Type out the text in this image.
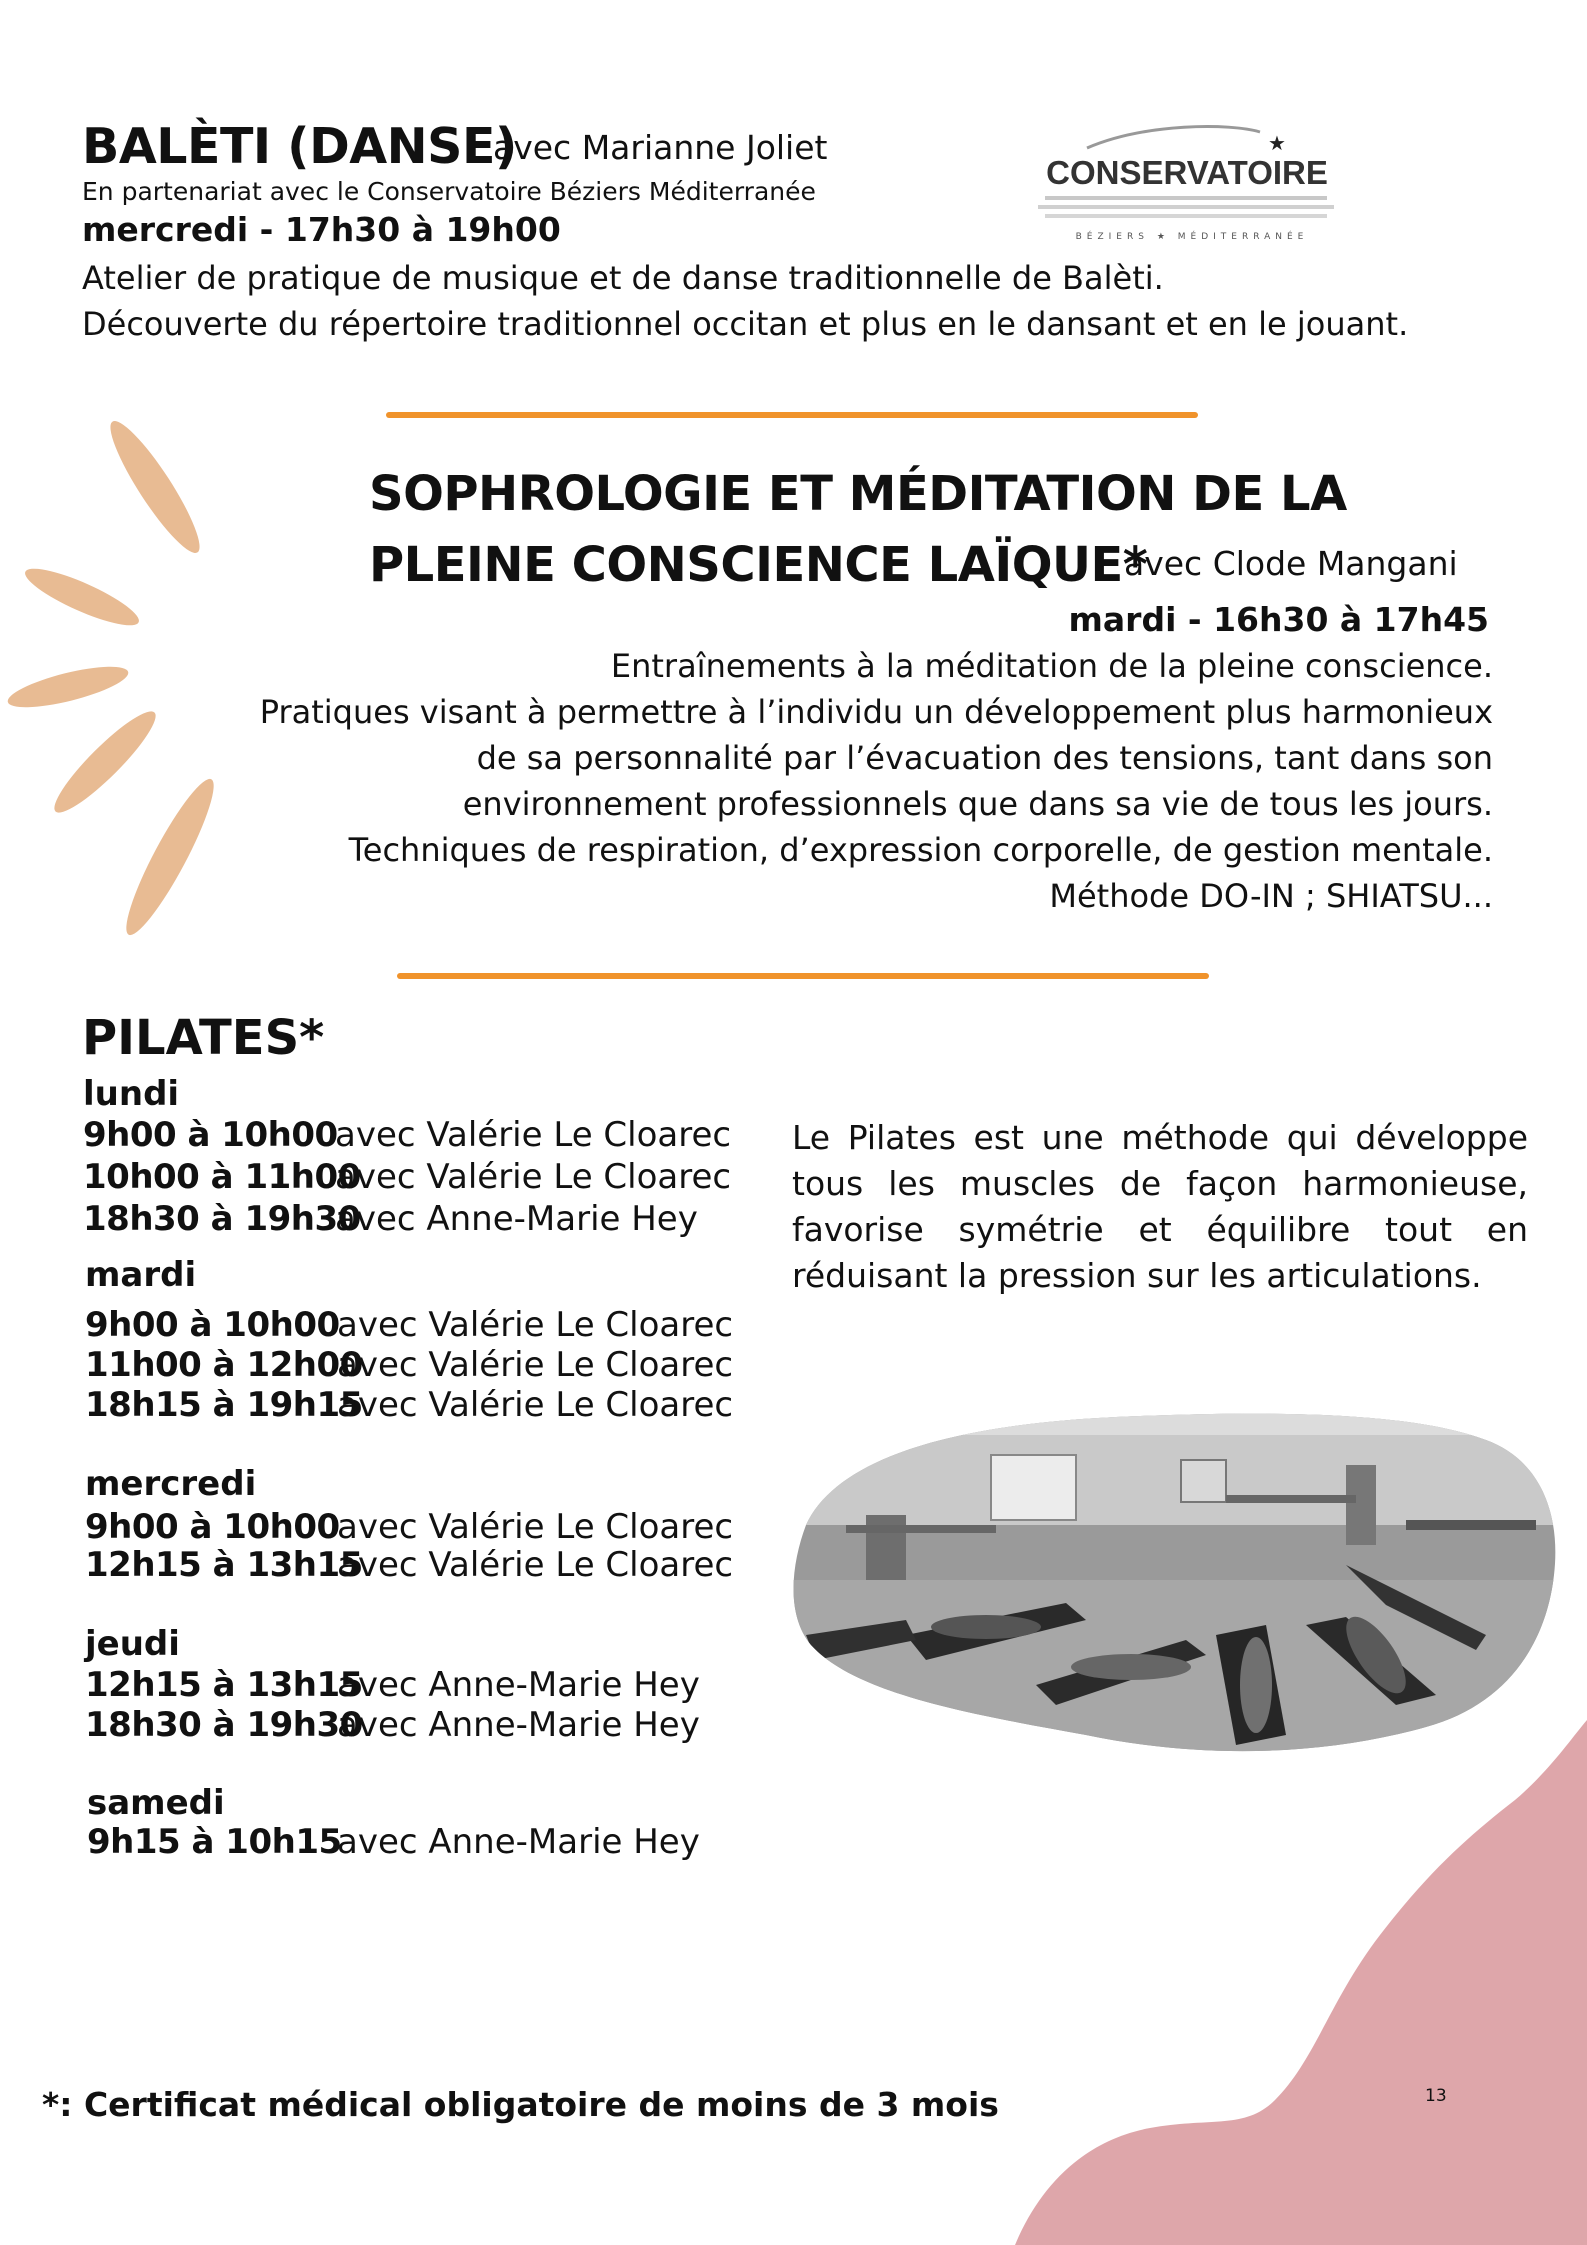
BALÈTI (DANSE)
avec Marianne Joliet
En partenariat avec le Conservatoire Béziers Méditerranée
mercredi - 17h30 à 19h00
Atelier de pratique de musique et de danse traditionnelle de Balèti.
Découverte du répertoire traditionnel occitan et plus en le dansant et en le jouant.
★
CONSERVATOIRE
BÉZIERS ★ MÉDITERRANÉE
SOPHROLOGIE ET MÉDITATION DE LA
PLEINE CONSCIENCE LAÏQUE*
avec Clode Mangani
mardi - 16h30 à 17h45
Entraînements à la méditation de la pleine conscience.
Pratiques visant à permettre à l’individu un développement plus harmonieux
de sa personnalité par l’évacuation des tensions, tant dans son
environnement professionnels que dans sa vie de tous les jours.
Techniques de respiration, d’expression corporelle, de gestion mentale.
Méthode DO-IN ; SHIATSU...
PILATES*
lundi
9h00 à 10h00
avec Valérie Le Cloarec
10h00 à 11h00
avec Valérie Le Cloarec
18h30 à 19h30
avec Anne-Marie Hey
mardi
9h00 à 10h00
avec Valérie Le Cloarec
11h00 à 12h00
avec Valérie Le Cloarec
18h15 à 19h15
avec Valérie Le Cloarec
mercredi
9h00 à 10h00
avec Valérie Le Cloarec
12h15 à 13h15
avec Valérie Le Cloarec
jeudi
12h15 à 13h15
avec Anne-Marie Hey
18h30 à 19h30
avec Anne-Marie Hey
samedi
9h15 à 10h15
avec Anne-Marie Hey
Le Pilates est une méthode qui développe tous les muscles de façon harmonieuse, favorise symétrie et équilibre tout en réduisant la pression sur les articulations.
*: Certificat médical obligatoire de moins de 3 mois	13
